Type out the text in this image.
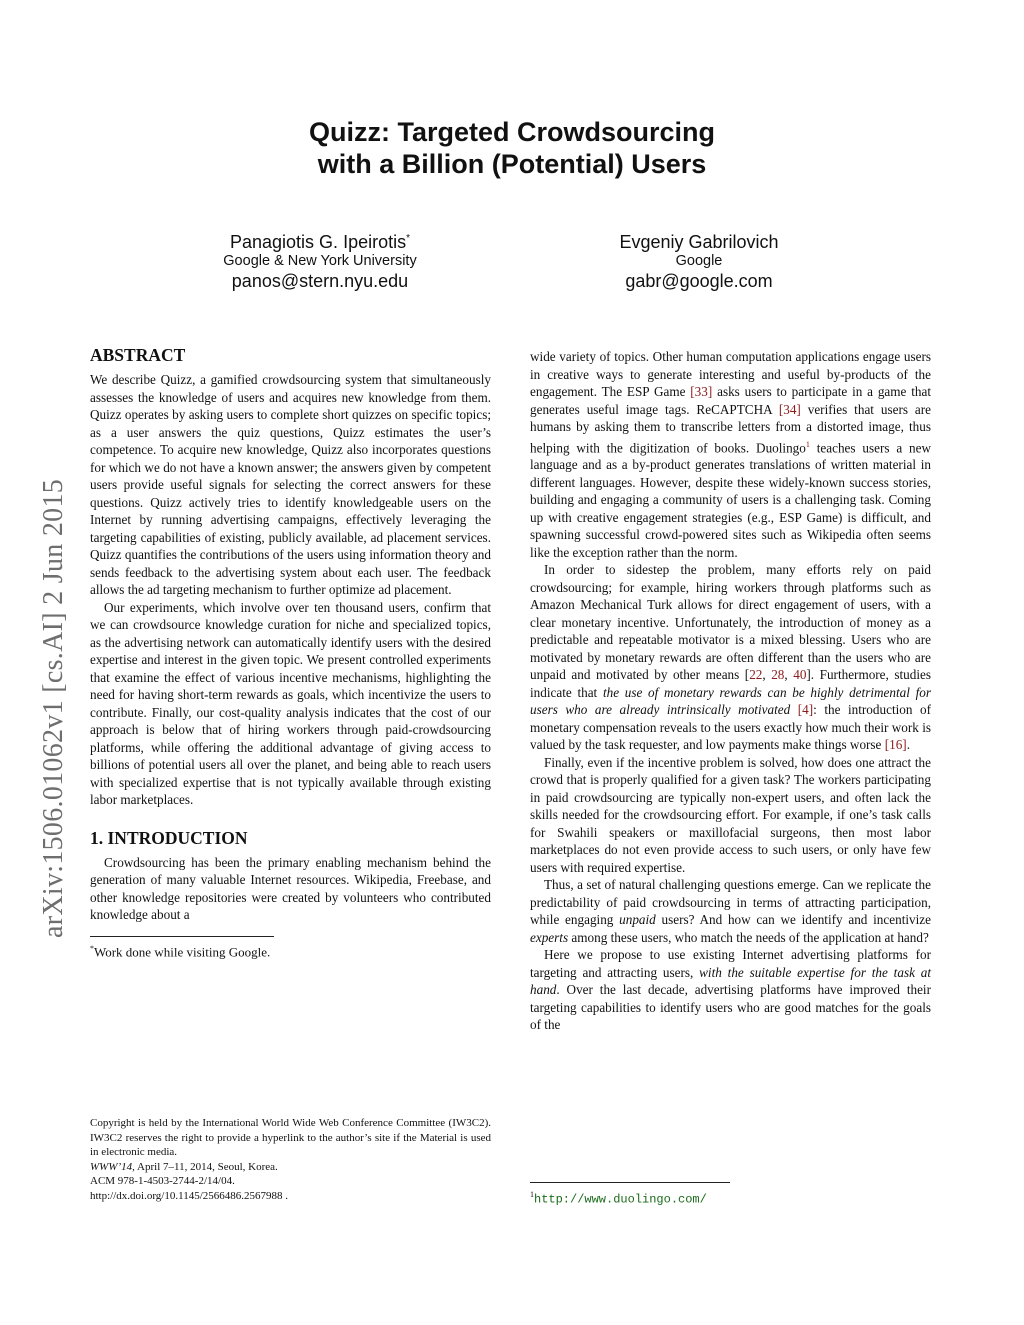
Quizz: Targeted Crowdsourcing
with a Billion (Potential) Users
Panagiotis G. Ipeirotis*
Google & New York University
panos@stern.nyu.edu
Evgeniy Gabrilovich
Google
gabr@google.com
arXiv:1506.01062v1 [cs.AI] 2 Jun 2015
ABSTRACT

We describe Quizz, a gamified crowdsourcing system that simultaneously assesses the knowledge of users and acquires new knowledge from them. Quizz operates by asking users to complete short quizzes on specific topics; as a user answers the quiz questions, Quizz estimates the user’s competence. To acquire new knowledge, Quizz also incorporates questions for which we do not have a known answer; the answers given by competent users provide useful signals for selecting the correct answers for these questions. Quizz actively tries to identify knowledgeable users on the Internet by running advertising campaigns, effectively leveraging the targeting capabilities of existing, publicly available, ad placement services. Quizz quantifies the contributions of the users using information theory and sends feedback to the advertising system about each user. The feedback allows the ad targeting mechanism to further optimize ad placement.

Our experiments, which involve over ten thousand users, confirm that we can crowdsource knowledge curation for niche and specialized topics, as the advertising network can automatically identify users with the desired expertise and interest in the given topic. We present controlled experiments that examine the effect of various incentive mechanisms, highlighting the need for having short-term rewards as goals, which incentivize the users to contribute. Finally, our cost-quality analysis indicates that the cost of our approach is below that of hiring workers through paid-crowdsourcing platforms, while offering the additional advantage of giving access to billions of potential users all over the planet, and being able to reach users with specialized expertise that is not typically available through existing labor marketplaces.

1. INTRODUCTION

Crowdsourcing has been the primary enabling mechanism behind the generation of many valuable Internet resources. Wikipedia, Freebase, and other knowledge repositories were created by volunteers who contributed knowledge about a

*Work done while visiting Google.
Copyright is held by the International World Wide Web Conference Committee (IW3C2). IW3C2 reserves the right to provide a hyperlink to the author’s site if the Material is used in electronic media.
WWW’14, April 7–11, 2014, Seoul, Korea.
ACM 978-1-4503-2744-2/14/04.
http://dx.doi.org/10.1145/2566486.2567988 .

wide variety of topics. Other human computation applications engage users in creative ways to generate interesting and useful by-products of the engagement. The ESP Game [33] asks users to participate in a game that generates useful image tags. ReCAPTCHA [34] verifies that users are humans by asking them to transcribe letters from a distorted image, thus helping with the digitization of books. Duolingo$^1$ teaches users a new language and as a by-product generates translations of written material in different languages. However, despite these widely-known success stories, building and engaging a community of users is a challenging task. Coming up with creative engagement strategies (e.g., ESP Game) is difficult, and spawning successful crowd-powered sites such as Wikipedia often seems like the exception rather than the norm.

In order to sidestep the problem, many efforts rely on paid crowdsourcing; for example, hiring workers through platforms such as Amazon Mechanical Turk allows for direct engagement of users, with a clear monetary incentive. Unfortunately, the introduction of money as a predictable and repeatable motivator is a mixed blessing. Users who are motivated by monetary rewards are often different than the users who are unpaid and motivated by other means [22, 28, 40]. Furthermore, studies indicate that the use of monetary rewards can be highly detrimental for users who are already intrinsically motivated [4]: the introduction of monetary compensation reveals to the users exactly how much their work is valued by the task requester, and low payments make things worse [16].

Finally, even if the incentive problem is solved, how does one attract the crowd that is properly qualified for a given task? The workers participating in paid crowdsourcing are typically non-expert users, and often lack the skills needed for the crowdsourcing effort. For example, if one’s task calls for Swahili speakers or maxillofacial surgeons, then most labor marketplaces do not even provide access to such users, or only have few users with required expertise.

Thus, a set of natural challenging questions emerge. Can we replicate the predictability of paid crowdsourcing in terms of attracting participation, while engaging unpaid users? And how can we identify and incentivize experts among these users, who match the needs of the application at hand?

Here we propose to use existing Internet advertising platforms for targeting and attracting users, with the suitable expertise for the task at hand. Over the last decade, advertising platforms have improved their targeting capabilities to identify users who are good matches for the goals of the

$^1$http://www.duolingo.com/
